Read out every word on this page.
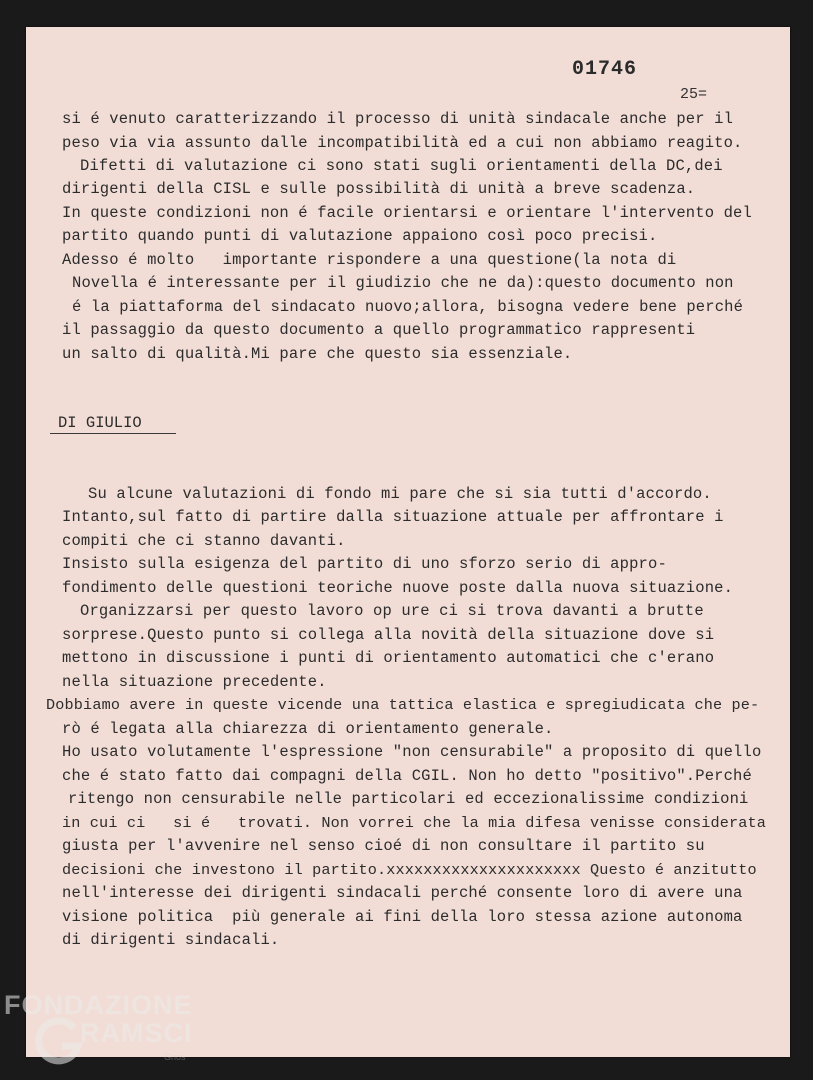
01746
25=
si é venuto caratterizzando il processo di unità sindacale anche per il
peso via via assunto dalle incompatibilità ed a cui non abbiamo reagito.
Difetti di valutazione ci sono stati sugli orientamenti della DC,dei
dirigenti della CISL e sulle possibilità di unità a breve scadenza.
In queste condizioni non é facile orientarsi e orientare l'intervento del
partito quando punti di valutazione appaiono così poco precisi.
Adesso é molto   importante rispondere a una questione(la nota di
Novella é interessante per il giudizio che ne da):questo documento non
é la piattaforma del sindacato nuovo;allora, bisogna vedere bene perché
il passaggio da questo documento a quello programmatico rappresenti
un salto di qualità.Mi pare che questo sia essenziale.
DI GIULIO
Su alcune valutazioni di fondo mi pare che si sia tutti d'accordo.
Intanto,sul fatto di partire dalla situazione attuale per affrontare i
compiti che ci stanno davanti.
Insisto sulla esigenza del partito di uno sforzo serio di appro-
fondimento delle questioni teoriche nuove poste dalla nuova situazione.
Organizzarsi per questo lavoro op ure ci si trova davanti a brutte
sorprese.Questo punto si collega alla novità della situazione dove si
mettono in discussione i punti di orientamento automatici che c'erano
nella situazione precedente.
Dobbiamo avere in queste vicende una tattica elastica e spregiudicata che pe-
rò é legata alla chiarezza di orientamento generale.
Ho usato volutamente l'espressione "non censurabile" a proposito di quello
che é stato fatto dai compagni della CGIL. Non ho detto "positivo".Perché
ritengo non censurabile nelle particolari ed eccezionalissime condizioni
in cui ci   si é   trovati. Non vorrei che la mia difesa venisse considerata
giusta per l'avvenire nel senso cioé di non consultare il partito su
decisioni che investono il partito.xxxxxxxxxxxxxxxxxxxxx Questo é anzitutto
nell'interesse dei dirigenti sindacali perché consente loro di avere una
visione politica  più generale ai fini della loro stessa azione autonoma
di dirigenti sindacali.
FONDAZIONE
RAMSCI
Gnos
